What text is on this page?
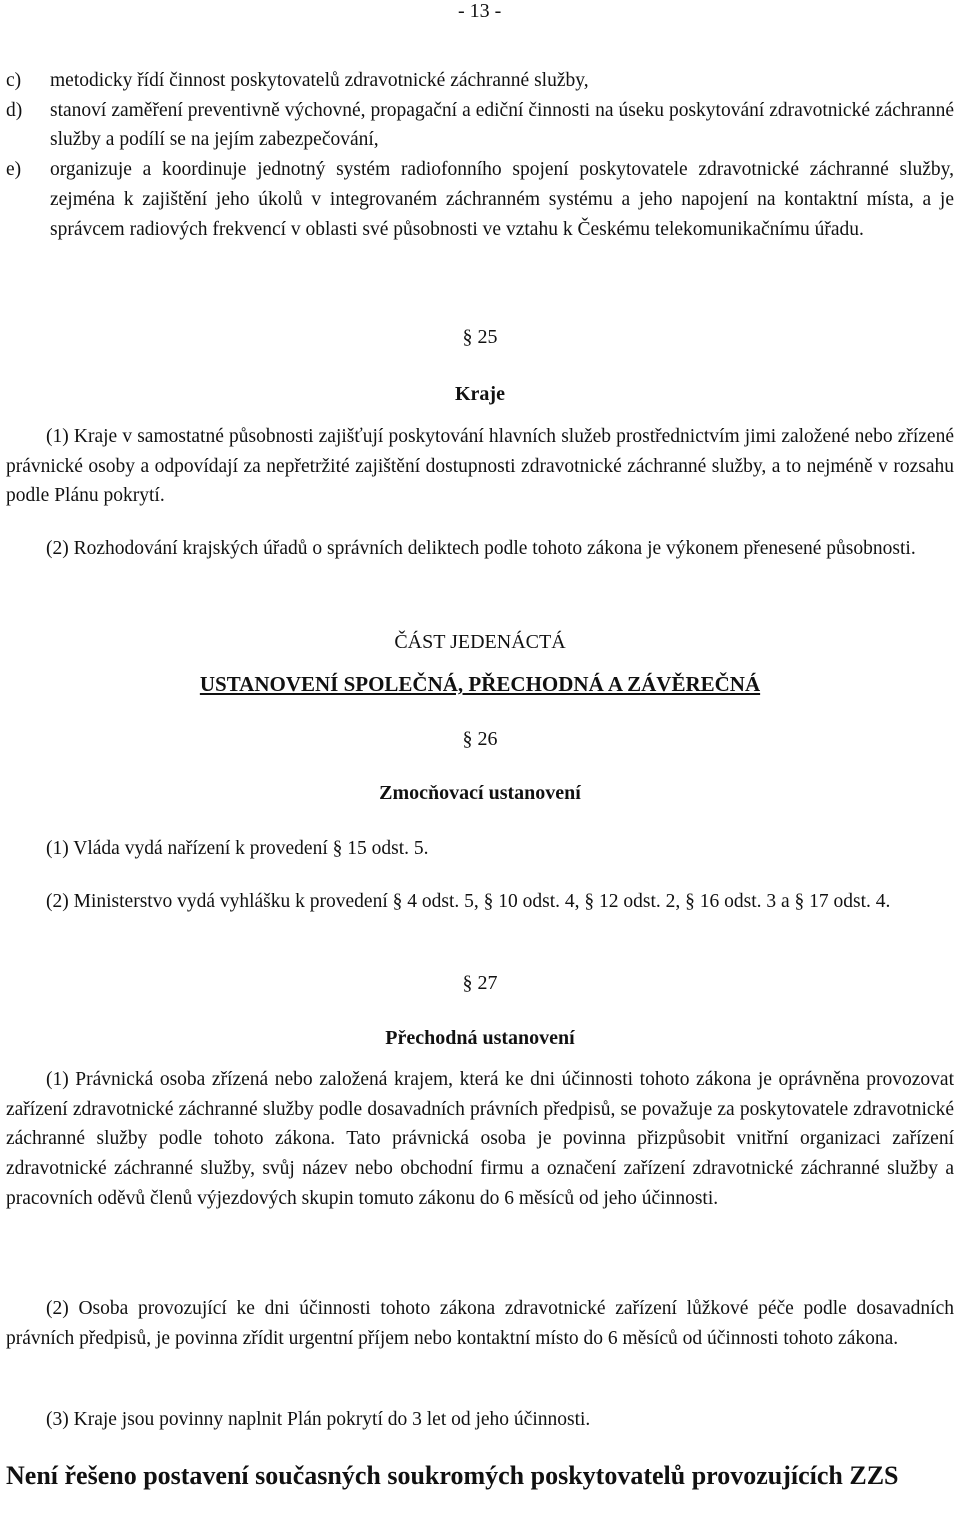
- 13 -
c)	metodicky řídí činnost poskytovatelů zdravotnické záchranné služby,
d)	stanoví zaměření preventivně výchovné, propagační a ediční činnosti na úseku poskytování zdravotnické záchranné služby a podílí se na jejím zabezpečování,
e)	organizuje a koordinuje jednotný systém radiofonního spojení poskytovatele zdravotnické záchranné služby, zejména k zajištění jeho úkolů v integrovaném záchranném systému a jeho napojení na kontaktní místa, a je správcem radiových frekvencí v oblasti své působnosti ve vztahu k Českému telekomunikačnímu úřadu.
§ 25
Kraje
(1) Kraje v samostatné působnosti zajišťují poskytování hlavních služeb prostřednictvím jimi založené nebo zřízené právnické osoby a odpovídají za nepřetržité zajištění dostupnosti zdravotnické záchranné služby, a to nejméně v rozsahu podle Plánu pokrytí.
(2) Rozhodování krajských úřadů o správních deliktech podle tohoto zákona je výkonem přenesené působnosti.
ČÁST JEDENÁCTÁ
USTANOVENÍ SPOLEČNÁ, PŘECHODNÁ A ZÁVĚREČNÁ
§ 26
Zmocňovací ustanovení
(1) Vláda vydá nařízení k provedení § 15 odst. 5.
(2) Ministerstvo vydá vyhlášku k provedení § 4 odst. 5, § 10 odst. 4, § 12 odst. 2, § 16 odst. 3 a § 17 odst. 4.
§ 27
Přechodná ustanovení
(1) Právnická osoba zřízená nebo založená krajem, která ke dni účinnosti tohoto zákona je oprávněna provozovat zařízení zdravotnické záchranné služby podle dosavadních právních předpisů, se považuje za poskytovatele zdravotnické záchranné služby podle tohoto zákona. Tato právnická osoba je povinna přizpůsobit vnitřní organizaci zařízení zdravotnické záchranné služby, svůj název nebo obchodní firmu a označení zařízení zdravotnické záchranné služby a pracovních oděvů členů výjezdových skupin tomuto zákonu do 6 měsíců od jeho účinnosti.
(2) Osoba provozující ke dni účinnosti tohoto zákona zdravotnické zařízení lůžkové péče podle dosavadních právních předpisů, je povinna zřídit urgentní příjem nebo kontaktní místo do 6 měsíců od účinnosti tohoto zákona.
(3) Kraje jsou povinny naplnit Plán pokrytí do 3 let od jeho účinnosti.
Není řešeno postavení současných soukromých poskytovatelů provozujících ZZS
